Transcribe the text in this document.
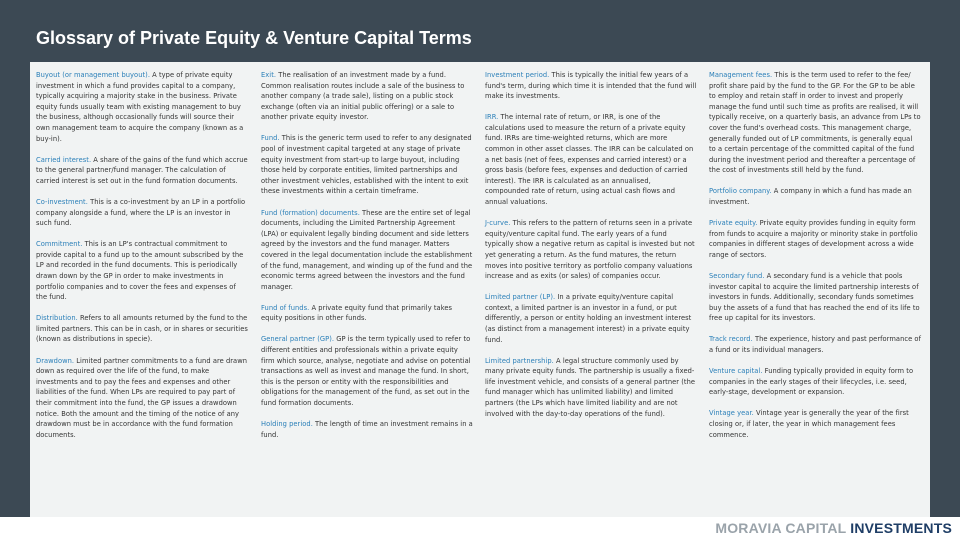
Glossary of Private Equity & Venture Capital Terms

Buyout (or management buyout). A type of private equity investment in which a fund provides capital to a company, typically acquiring a majority stake in the business. Private equity funds usually team with existing management to buy the business, although occasionally funds will source their own management team to acquire the company (known as a buy-in).

Carried interest. A share of the gains of the fund which accrue to the general partner/fund manager. The calculation of carried interest is set out in the fund formation documents.

Co-investment. This is a co-investment by an LP in a portfolio company alongside a fund, where the LP is an investor in such fund.

Commitment. This is an LP's contractual commitment to provide capital to a fund up to the amount subscribed by the LP and recorded in the fund documents. This is periodically drawn down by the GP in order to make investments in portfolio companies and to cover the fees and expenses of the fund.

Distribution. Refers to all amounts returned by the fund to the limited partners. This can be in cash, or in shares or securities (known as distributions in specie).

Drawdown. Limited partner commitments to a fund are drawn down as required over the life of the fund, to make investments and to pay the fees and expenses and other liabilities of the fund. When LPs are required to pay part of their commitment into the fund, the GP issues a drawdown notice. Both the amount and the timing of the notice of any drawdown must be in accordance with the fund formation documents.

Exit. The realisation of an investment made by a fund. Common realisation routes include a sale of the business to another company (a trade sale), listing on a public stock exchange (often via an initial public offering) or a sale to another private equity investor.

Fund. This is the generic term used to refer to any designated pool of investment capital targeted at any stage of private equity investment from start-up to large buyout, including those held by corporate entities, limited partnerships and other investment vehicles, established with the intent to exit these investments within a certain timeframe.

Fund (formation) documents. These are the entire set of legal documents, including the Limited Partnership Agreement (LPA) or equivalent legally binding document and side letters agreed by the investors and the fund manager. Matters covered in the legal documentation include the establishment of the fund, management, and winding up of the fund and the economic terms agreed between the investors and the fund manager.

Fund of funds. A private equity fund that primarily takes equity positions in other funds.

General partner (GP). GP is the term typically used to refer to different entities and professionals within a private equity firm which source, analyse, negotiate and advise on potential transactions as well as invest and manage the fund. In short, this is the person or entity with the responsibilities and obligations for the management of the fund, as set out in the fund formation documents.

Holding period. The length of time an investment remains in a fund.

Investment period. This is typically the initial few years of a fund's term, during which time it is intended that the fund will make its investments.

IRR. The internal rate of return, or IRR, is one of the calculations used to measure the return of a private equity fund. IRRs are time-weighted returns, which are more common in other asset classes. The IRR can be calculated on a net basis (net of fees, expenses and carried interest) or a gross basis (before fees, expenses and deduction of carried interest). The IRR is calculated as an annualised, compounded rate of return, using actual cash flows and annual valuations.

J-curve. This refers to the pattern of returns seen in a private equity/venture capital fund. The early years of a fund typically show a negative return as capital is invested but not yet generating a return. As the fund matures, the return moves into positive territory as portfolio company valuations increase and as exits (or sales) of companies occur.

Limited partner (LP). In a private equity/venture capital context, a limited partner is an investor in a fund, or put differently, a person or entity holding an investment interest (as distinct from a management interest) in a private equity fund.

Limited partnership. A legal structure commonly used by many private equity funds. The partnership is usually a fixed-life investment vehicle, and consists of a general partner (the fund manager which has unlimited liability) and limited partners (the LPs which have limited liability and are not involved with the day-to-day operations of the fund).

Management fees. This is the term used to refer to the fee/ profit share paid by the fund to the GP. For the GP to be able to employ and retain staff in order to invest and properly manage the fund until such time as profits are realised, it will typically receive, on a quarterly basis, an advance from LPs to cover the fund's overhead costs. This management charge, generally funded out of LP commitments, is generally equal to a certain percentage of the committed capital of the fund during the investment period and thereafter a percentage of the cost of investments still held by the fund.

Portfolio company. A company in which a fund has made an investment.

Private equity. Private equity provides funding in equity form from funds to acquire a majority or minority stake in portfolio companies in different stages of development across a wide range of sectors.

Secondary fund. A secondary fund is a vehicle that pools investor capital to acquire the limited partnership interests of investors in funds. Additionally, secondary funds sometimes buy the assets of a fund that has reached the end of its life to free up capital for its investors.

Track record. The experience, history and past performance of a fund or its individual managers.

Venture capital. Funding typically provided in equity form to companies in the early stages of their lifecycles, i.e. seed, early-stage, development or expansion.

Vintage year. Vintage year is generally the year of the first closing or, if later, the year in which management fees commence.

MORAVIA CAPITAL INVESTMENTS
